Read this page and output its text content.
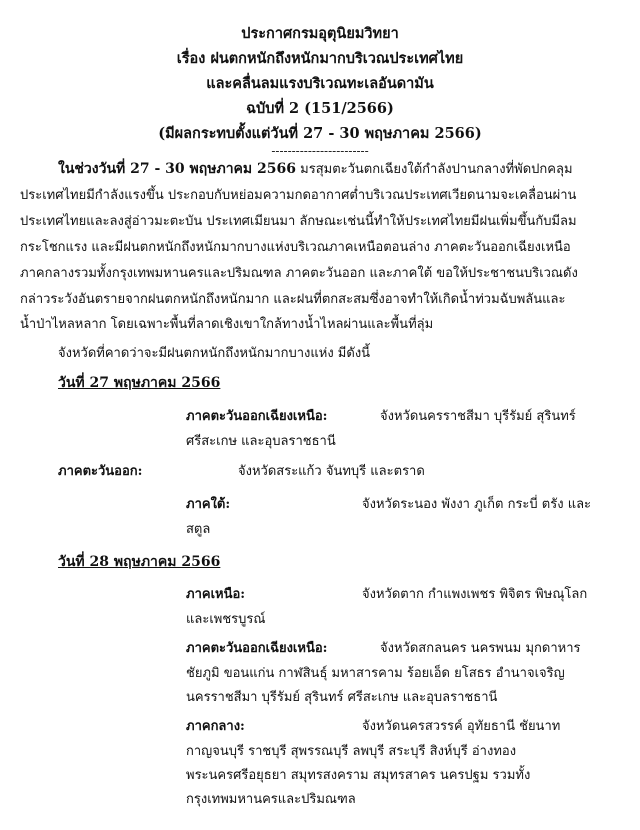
ประกาศกรมอุตุนิยมวิทยา
เรื่อง ฝนตกหนักถึงหนักมากบริเวณประเทศไทย
และคลื่นลมแรงบริเวณทะเลอันดามัน
ฉบับที่ 2 (151/2566)
(มีผลกระทบตั้งแต่วันที่ 27 - 30 พฤษภาคม 2566)
------------------------
ในช่วงวันที่ 27 - 30 พฤษภาคม 2566 มรสุมตะวันตกเฉียงใต้กำลังปานกลางที่พัดปกคลุม
ประเทศไทยมีกำลังแรงขึ้น ประกอบกับหย่อมความกดอากาศต่ำบริเวณประเทศเวียดนามจะเคลื่อนผ่าน
ประเทศไทยและลงสู่อ่าวมะตะบัน ประเทศเมียนมา ลักษณะเช่นนี้ทำให้ประเทศไทยมีฝนเพิ่มขึ้นกับมีลม
กระโชกแรง และมีฝนตกหนักถึงหนักมากบางแห่งบริเวณภาคเหนือตอนล่าง ภาคตะวันออกเฉียงเหนือ
ภาคกลางรวมทั้งกรุงเทพมหานครและปริมณฑล ภาคตะวันออก และภาคใต้ ขอให้ประชาชนบริเวณดัง
กล่าวระวังอันตรายจากฝนตกหนักถึงหนักมาก และฝนที่ตกสะสมซึ่งอาจทำให้เกิดน้ำท่วมฉับพลันและ
น้ำป่าไหลหลาก โดยเฉพาะพื้นที่ลาดเชิงเขาใกล้ทางน้ำไหลผ่านและพื้นที่ลุ่ม
จังหวัดที่คาดว่าจะมีฝนตกหนักถึงหนักมากบางแห่ง มีดังนี้
วันที่ 27 พฤษภาคม 2566
ภาคตะวันออกเฉียงเหนือ:	จังหวัดนครราชสีมา บุรีรัมย์ สุรินทร์
ศรีสะเกษ และอุบลราชธานี
ภาคตะวันออก:	จังหวัดสระแก้ว จันทบุรี และตราด
ภาคใต้:	จังหวัดระนอง พังงา ภูเก็ต กระบี่ ตรัง และ
สตูล
วันที่ 28 พฤษภาคม 2566
ภาคเหนือ:	จังหวัดตาก กำแพงเพชร พิจิตร พิษณุโลก
และเพชรบูรณ์
ภาคตะวันออกเฉียงเหนือ:	จังหวัดสกลนคร นครพนม มุกดาหาร
ชัยภูมิ ขอนแก่น กาฬสินธุ์ มหาสารคาม ร้อยเอ็ด ยโสธร อำนาจเจริญ
นครราชสีมา บุรีรัมย์ สุรินทร์ ศรีสะเกษ และอุบลราชธานี
ภาคกลาง:	จังหวัดนครสวรรค์ อุทัยธานี ชัยนาท
กาญจนบุรี ราชบุรี สุพรรณบุรี ลพบุรี สระบุรี สิงห์บุรี อ่างทอง
พระนครศรีอยุธยา สมุทรสงคราม สมุทรสาคร นครปฐม รวมทั้ง
กรุงเทพมหานครและปริมณฑล
